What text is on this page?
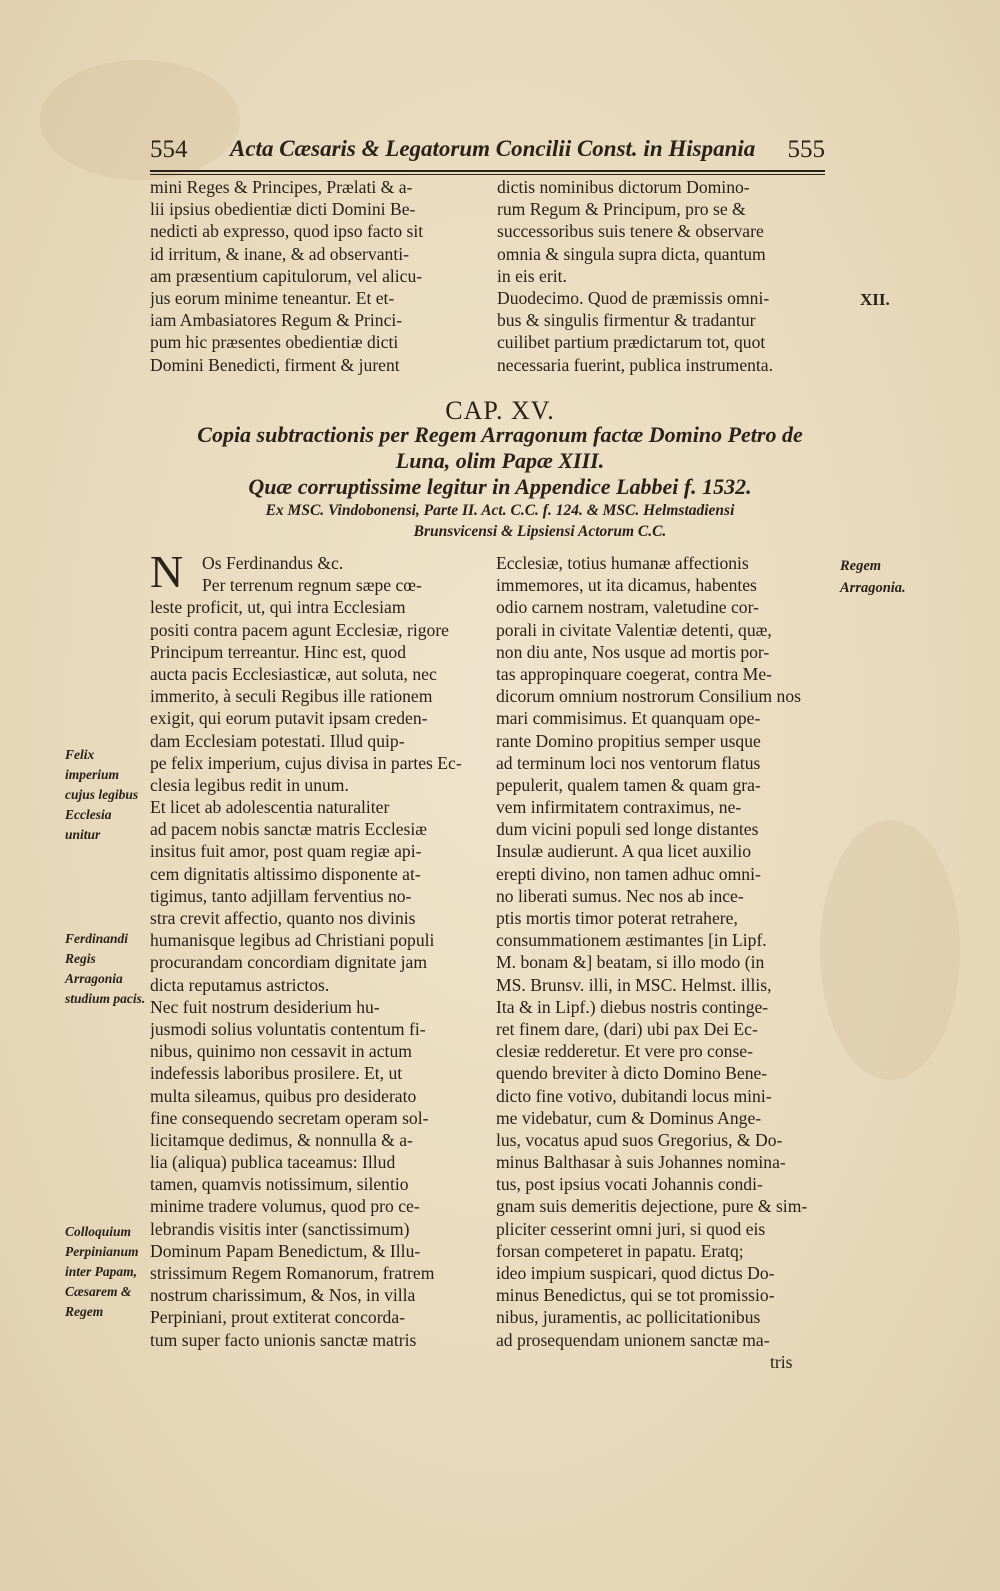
554 Acta Cæsaris & Legatorum Concilii Const. in Hispania 555
mini Reges & Principes, Prælati & a-
lii ipsius obedientiæ dicti Domini Be-
nedicti ab expresso, quod ipso facto sit
id irritum, & inane, & ad observanti-
am præsentium capitulorum, vel alicu-
jus eorum minime teneantur. Et et-
iam Ambasiatores Regum & Princi-
pum hic præsentes obedientiæ dicti
Domini Benedicti, firment & jurent
dictis nominibus dictorum Domino-
rum Regum & Principum, pro se &
successoribus suis tenere & observare
omnia & singula supra dicta, quantum
in eis erit.
Duodecimo. Quod de præmissis omni-
bus & singulis firmentur & tradantur
cuilibet partium prædictarum tot, quot
necessaria fuerint, publica instrumenta.
XII.
CAP. XV.
Copia subtractionis per Regem Arragonum factæ Domino Petro de
Luna, olim Papæ XIII.
Quæ corruptissime legitur in Appendice Labbei f. 1532.
Ex MSC. Vindobonensi, Parte II. Act. C.C. f. 124. & MSC. Helmstadiensi
Brunsvicensi & Lipsiensi Actorum C.C.
N	Os Ferdinandus &c.
Per terrenum regnum sæpe cœ-
leste proficit, ut, qui intra Ecclesiam
positi contra pacem agunt Ecclesiæ, rigore
Principum terreantur. Hinc est, quod
aucta pacis Ecclesiasticæ, aut soluta, nec
immerito, à seculi Regibus ille rationem
exigit, qui eorum putavit ipsam creden-
dam Ecclesiam potestati. Illud quip-
pe felix imperium, cujus divisa in partes Ec-
clesia legibus redit in unum.
Et licet ab adolescentia naturaliter
ad pacem nobis sanctæ matris Ecclesiæ
insitus fuit amor, post quam regiæ api-
cem dignitatis altissimo disponente at-
tigimus, tanto adjillam ferventius no-
stra crevit affectio, quanto nos divinis
humanisque legibus ad Christiani populi
procurandam concordiam dignitate jam
dicta reputamus astrictos.
Nec fuit nostrum desiderium hu-
jusmodi solius voluntatis contentum fi-
nibus, quinimo non cessavit in actum
indefessis laboribus prosilere. Et, ut
multa sileamus, quibus pro desiderato
fine consequendo secretam operam sol-
licitamque dedimus, & nonnulla & a-
lia (aliqua) publica taceamus: Illud
tamen, quamvis notissimum, silentio
minime tradere volumus, quod pro ce-
lebrandis visitis inter (sanctissimum)
Dominum Papam Benedictum, & Illu-
strissimum Regem Romanorum, fratrem
nostrum charissimum, & Nos, in villa
Perpiniani, prout extiterat concorda-
tum super facto unionis sanctæ matris
Ecclesiæ, totius humanæ affectionis
immemores, ut ita dicamus, habentes
odio carnem nostram, valetudine cor-
porali in civitate Valentiæ detenti, quæ,
non diu ante, Nos usque ad mortis por-
tas appropinquare coegerat, contra Me-
dicorum omnium nostrorum Consilium nos
mari commisimus. Et quanquam ope-
rante Domino propitius semper usque
ad terminum loci nos ventorum flatus
pepulerit, qualem tamen & quam gra-
vem infirmitatem contraximus, ne-
dum vicini populi sed longe distantes
Insulæ audierunt. A qua licet auxilio
erepti divino, non tamen adhuc omni-
no liberati sumus. Nec nos ab ince-
ptis mortis timor poterat retrahere,
consummationem æstimantes [in Lipf.
M. bonam &] beatam, si illo modo (in
MS. Brunsv. illi, in MSC. Helmst. illis,
Ita & in Lipf.) diebus nostris continge-
ret finem dare, (dari) ubi pax Dei Ec-
clesiæ redderetur. Et vere pro conse-
quendo breviter à dicto Domino Bene-
dicto fine votivo, dubitandi locus mini-
me videbatur, cum & Dominus Ange-
lus, vocatus apud suos Gregorius, & Do-
minus Balthasar à suis Johannes nomina-
tus, post ipsius vocati Johannis condi-
gnam suis demeritis dejectione, pure & sim-
pliciter cesserint omni juri, si quod eis
forsan competeret in papatu. Eratq;
ideo impium suspicari, quod dictus Do-
minus Benedictus, qui se tot promissio-
nibus, juramentis, ac pollicitationibus
ad prosequendam unionem sanctæ ma-
Felix imperium cujus legibus Ecclesia unitur
Ferdinandi Regis Arragonia studium pacis.
Colloquium Perpinianum inter Papam, Cæsarem & Regem
Regem Arragonia.
tris
